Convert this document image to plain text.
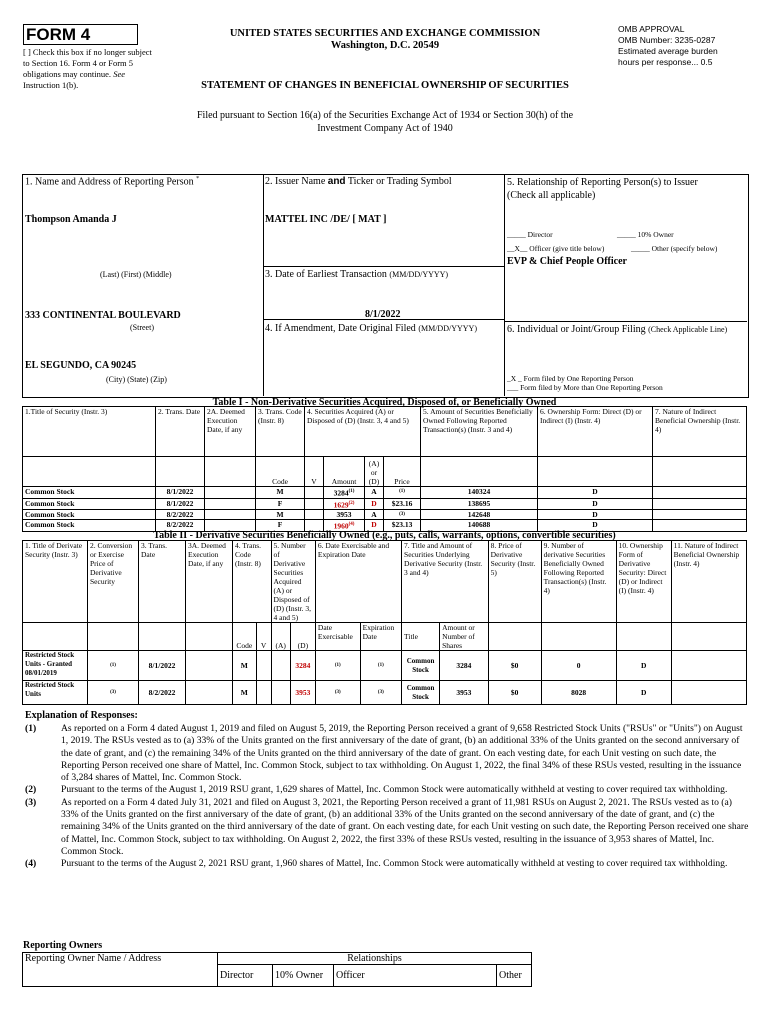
FORM 4
[ ] Check this box if no longer subject to Section 16. Form 4 or Form 5 obligations may continue. See Instruction 1(b).
UNITED STATES SECURITIES AND EXCHANGE COMMISSION
Washington, D.C. 20549
STATEMENT OF CHANGES IN BENEFICIAL OWNERSHIP OF SECURITIES
OMB APPROVAL
OMB Number: 3235-0287
Estimated average burden
hours per response... 0.5
Filed pursuant to Section 16(a) of the Securities Exchange Act of 1934 or Section 30(h) of the
Investment Company Act of 1940
1. Name and Address of Reporting Person *
Thompson Amanda J
(Last) (First) (Middle)
333 CONTINENTAL BOULEVARD
(Street)
EL SEGUNDO, CA 90245
(City) (State) (Zip)
2. Issuer Name and Ticker or Trading Symbol
MATTEL INC /DE/ [ MAT ]
3. Date of Earliest Transaction (MM/DD/YYYY)
8/1/2022
4. If Amendment, Date Original Filed (MM/DD/YYYY)
5. Relationship of Reporting Person(s) to Issuer
(Check all applicable)
_____ Director	_____ 10% Owner
__X__ Officer (give title below)	_____ Other (specify below)
EVP & Chief People Officer
6. Individual or Joint/Group Filing (Check Applicable Line)
_X _ Form filed by One Reporting Person
___ Form filed by More than One Reporting Person
Table I - Non-Derivative Securities Acquired, Disposed of, or Beneficially Owned
1.Title of Security (Instr. 3)	2. Trans. Date	2A. Deemed Execution Date, if any	3. Trans. Code (Instr. 8)	4. Securities Acquired (A) or Disposed of (D) (Instr. 3, 4 and 5)				5. Amount of Securities Beneficially Owned Following Reported Transaction(s) (Instr. 3 and 4)	6. Ownership Form: Direct (D) or Indirect (I) (Instr. 4)	7. Nature of Indirect Beneficial Ownership (Instr. 4)
			Code	V	Amount	(A) or (D)	Price			
Common Stock	8/1/2022		M		3284$^{(1)}$	A	(1)	140324	D	
Common Stock	8/1/2022		F		1629$^{(2)}$	D	$23.16	138695	D	
Common Stock	8/2/2022		M		3953	A	(3)	142648	D	
Common Stock	8/2/2022		F		1960$^{(4)}$	D	$23.13	140688	D	
Table II - Derivative Securities Beneficially Owned (e.g., puts, calls, warrants, options, convertible securities)
1. Title of Derivate Security (Instr. 3)	2. Conversion or Exercise Price of Derivative Security	3. Trans. Date	3A. Deemed Execution Date, if any	4. Trans. Code (Instr. 8)		5. Number of Derivative Securities Acquired (A) or Disposed of (D) (Instr. 3, 4 and 5)		6. Date Exercisable and Expiration Date		7. Title and Amount of Securities Underlying Derivative Security (Instr. 3 and 4)		8. Price of Derivative Security (Instr. 5)	9. Number of derivative Securities Beneficially Owned Following Reported Transaction(s) (Instr. 4)	10. Ownership Form of Derivative Security: Direct (D) or Indirect (I) (Instr. 4)	11. Nature of Indirect Beneficial Ownership (Instr. 4)
				Code	V	(A)	(D)	Date Exercisable	Expiration Date	Title	Amount or Number of Shares				
Restricted Stock Units - Granted 08/01/2019	(1)	8/1/2022		M			3284	(1)	(1)	Common Stock	3284	$0	0	D	
Restricted Stock Units	(3)	8/2/2022		M			3953	(3)	(3)	Common Stock	3953	$0	8028	D	
Explanation of Responses:
(1)	As reported on a Form 4 dated August 1, 2019 and filed on August 5, 2019, the Reporting Person received a grant of 9,658 Restricted Stock Units ("RSUs" or "Units") on August 1, 2019. The RSUs vested as to (a) 33% of the Units granted on the first anniversary of the date of grant, (b) an additional 33% of the Units granted on the second anniversary of the date of grant, and (c) the remaining 34% of the Units granted on the third anniversary of the date of grant. On each vesting date, for each Unit vesting on such date, the Reporting Person received one share of Mattel, Inc. Common Stock, subject to tax withholding. On August 1, 2022, the final 34% of these RSUs vested, resulting in the issuance of 3,284 shares of Mattel, Inc. Common Stock.
(2)	Pursuant to the terms of the August 1, 2019 RSU grant, 1,629 shares of Mattel, Inc. Common Stock were automatically withheld at vesting to cover required tax withholding.
(3)	As reported on a Form 4 dated July 31, 2021 and filed on August 3, 2021, the Reporting Person received a grant of 11,981 RSUs on August 2, 2021. The RSUs vested as to (a) 33% of the Units granted on the first anniversary of the date of grant, (b) an additional 33% of the Units granted on the second anniversary of the date of grant, and (c) the remaining 34% of the Units granted on the third anniversary of the date of grant. On each vesting date, for each Unit vesting on such date, the Reporting Person received one share of Mattel, Inc. Common Stock, subject to tax withholding. On August 2, 2022, the first 33% of these RSUs vested, resulting in the issuance of 3,953 shares of Mattel, Inc. Common Stock.
(4)	Pursuant to the terms of the August 2, 2021 RSU grant, 1,960 shares of Mattel, Inc. Common Stock were automatically withheld at vesting to cover required tax withholding.
Reporting Owners
Reporting Owner Name / Address	Relationships			
	Director	10% Owner	Officer	Other
